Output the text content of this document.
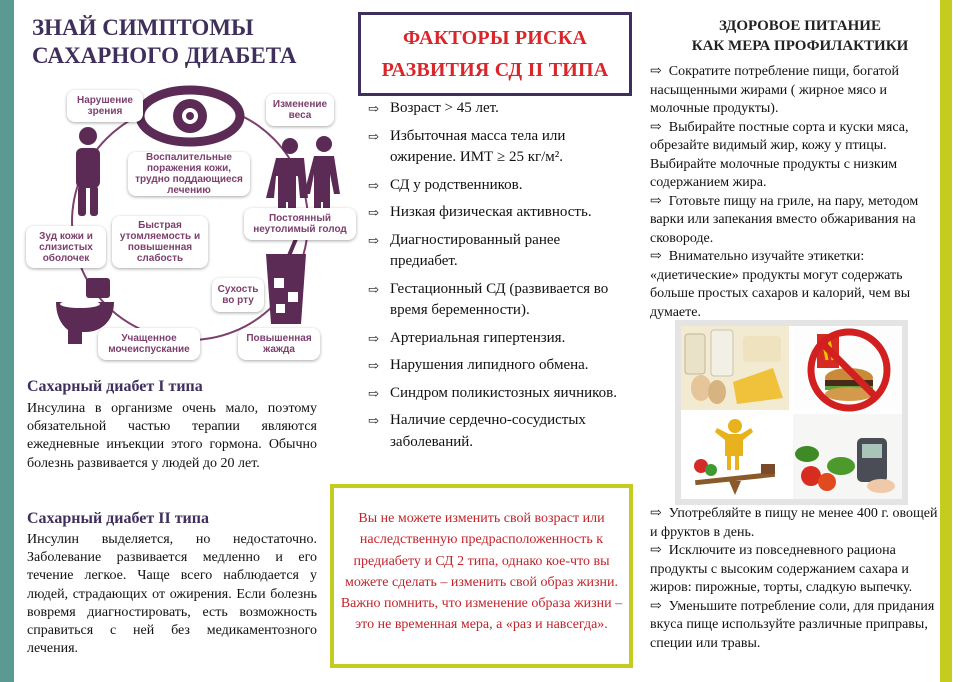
ЗНАЙ СИМПТОМЫ
САХАРНОГО ДИАБЕТА
Нарушение зрения
Изменение веса
Воспалительные поражения кожи, трудно поддающиеся лечению
Постоянный неутолимый голод
Зуд кожи и слизистых оболочек
Быстрая утомляемость и повышенная слабость
Сухость во рту
Учащенное мочеиспускание
Повышенная жажда
Сахарный диабет I типа
Инсулина в организме очень мало, поэтому обязательной частью терапии являются ежедневные инъекции этого гормона. Обычно болезнь развивается у людей до 20 лет.
Сахарный диабет II типа
Инсулин выделяется, но недостаточно. Заболевание развивается медленно и его течение легкое. Чаще всего наблюдается у людей, страдающих от ожирения. Если болезнь вовремя диагностировать, есть возможность справиться с ней без медикаментозного лечения.
ФАКТОРЫ РИСКА
РАЗВИТИЯ СД II ТИПА
⇨ Возраст > 45 лет.
⇨ Избыточная масса тела или ожирение. ИМТ ≥ 25 кг/м².
⇨ СД у родственников.
⇨ Низкая физическая активность.
⇨ Диагностированный ранее предиабет.
⇨ Гестационный СД (развивается во время беременности).
⇨ Артериальная гипертензия.
⇨ Нарушения липидного обмена.
⇨ Синдром поликистозных яичников.
⇨ Наличие сердечно-сосудистых заболеваний.
Вы не можете изменить свой возраст или наследственную предрасположенность к предиабету и СД 2 типа, однако кое-что вы можете сделать – изменить свой образ жизни. Важно помнить, что изменение образа жизни – это не временная мера, а «раз и навсегда».
ЗДОРОВОЕ ПИТАНИЕ
КАК МЕРА ПРОФИЛАКТИКИ
⇨ Сократите потребление пищи, богатой насыщенными жирами ( жирное мясо и молочные продукты).
⇨ Выбирайте постные сорта и куски мяса, обрезайте видимый жир, кожу у птицы. Выбирайте молочные продукты с низким содержанием жира.
⇨ Готовьте пищу на гриле, на пару, методом варки или запекания вместо обжаривания на сковороде.
⇨ Внимательно изучайте этикетки: «диетические» продукты могут содержать больше простых сахаров и калорий, чем вы думаете.
⇨ Употребляйте в пищу не менее 400 г. овощей и фруктов в день.
⇨ Исключите из повседневного рациона продукты с высоким содержанием сахара и жиров: пирожные, торты, сладкую выпечку.
⇨ Уменьшите потребление соли, для придания вкуса пище используйте различные приправы, специи или травы.
